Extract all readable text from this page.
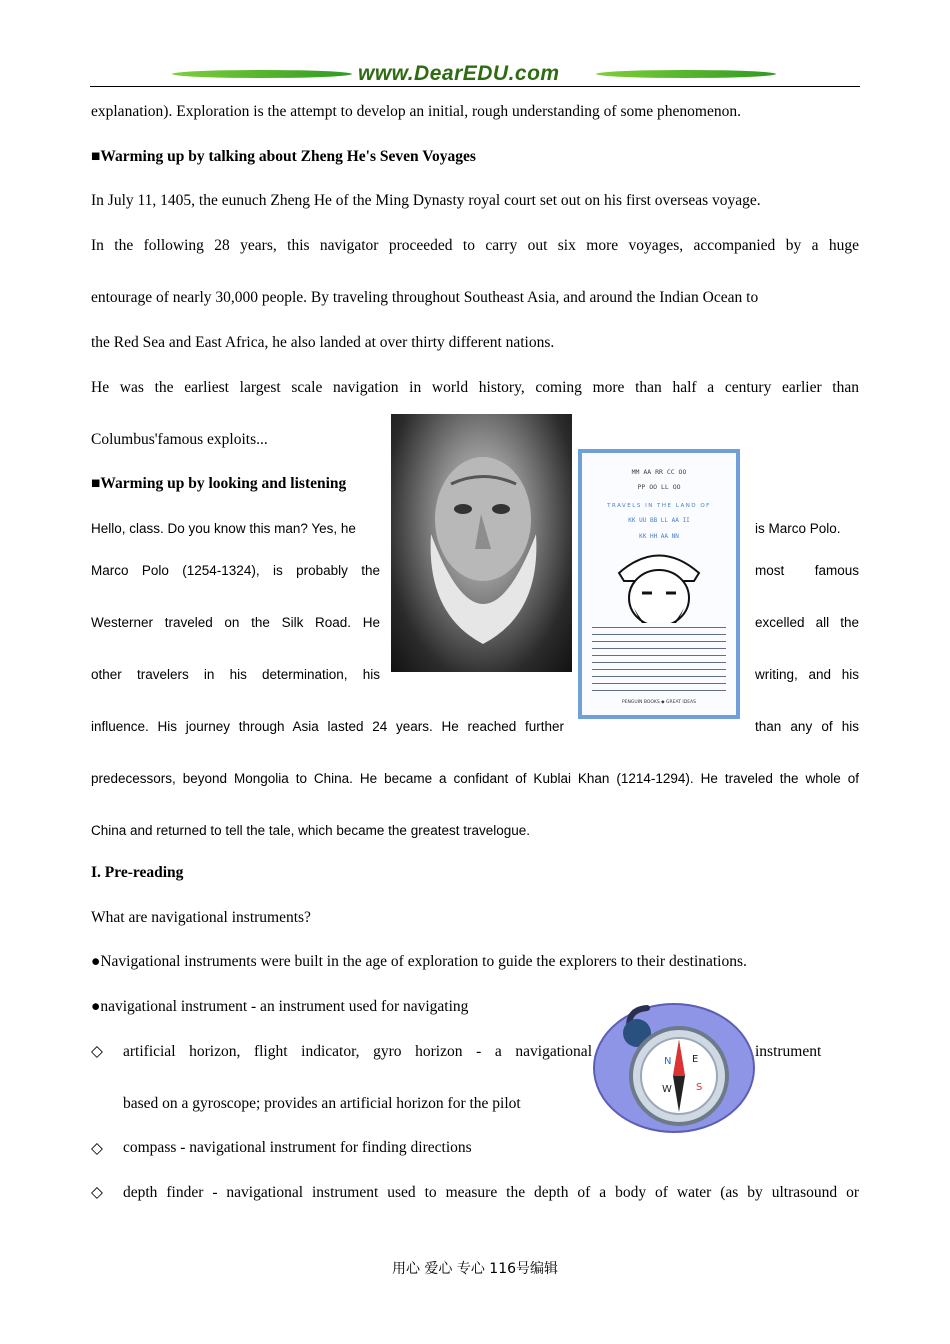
www.DearEDU.com
explanation). Exploration is the attempt to develop an initial, rough understanding of some phenomenon.
■Warming up by talking about Zheng He's Seven Voyages
In July 11, 1405, the eunuch Zheng He of the Ming Dynasty royal court set out on his first overseas voyage.
In the following 28 years, this navigator proceeded to carry out six more voyages, accompanied by a huge
entourage of nearly 30,000 people. By traveling throughout Southeast Asia, and around the Indian Ocean to
the Red Sea and East Africa, he also landed at over thirty different nations.
He was the earliest largest scale navigation in world history, coming more than half a century earlier than
Columbus'famous exploits...
■Warming up by looking and listening
MM AA RR CC OO
PP OO LL OO
TRAVELS IN THE LAND OF
KK UU BB LL AA II
KK HH AA NN
PENGUIN BOOKS ◆ GREAT IDEAS
Hello, class. Do you know this man? Yes, he	is Marco Polo.
Marco Polo (1254-1324), is probably the	most famous
Westerner traveled on the Silk Road. He	excelled all the
other travelers in his determination, his	writing, and his
influence. His journey through Asia lasted 24 years. He reached further	than any of his
predecessors, beyond Mongolia to China. He became a confidant of Kublai Khan (1214-1294). He traveled the whole of
China and returned to tell the tale, which became the greatest travelogue.
I. Pre-reading
What are navigational instruments?
●Navigational instruments were built in the age of exploration to guide the explorers to their destinations.
●navigational instrument - an instrument used for navigating
◇ artificial horizon, flight indicator, gyro horizon - a navigational	instrument
based on a gyroscope; provides an artificial horizon for the pilot
N E
S
W
◇ compass - navigational instrument for finding directions
◇ depth finder - navigational instrument used to measure the depth of a body of water (as by ultrasound or
用心 爱心 专心 116号编辑
